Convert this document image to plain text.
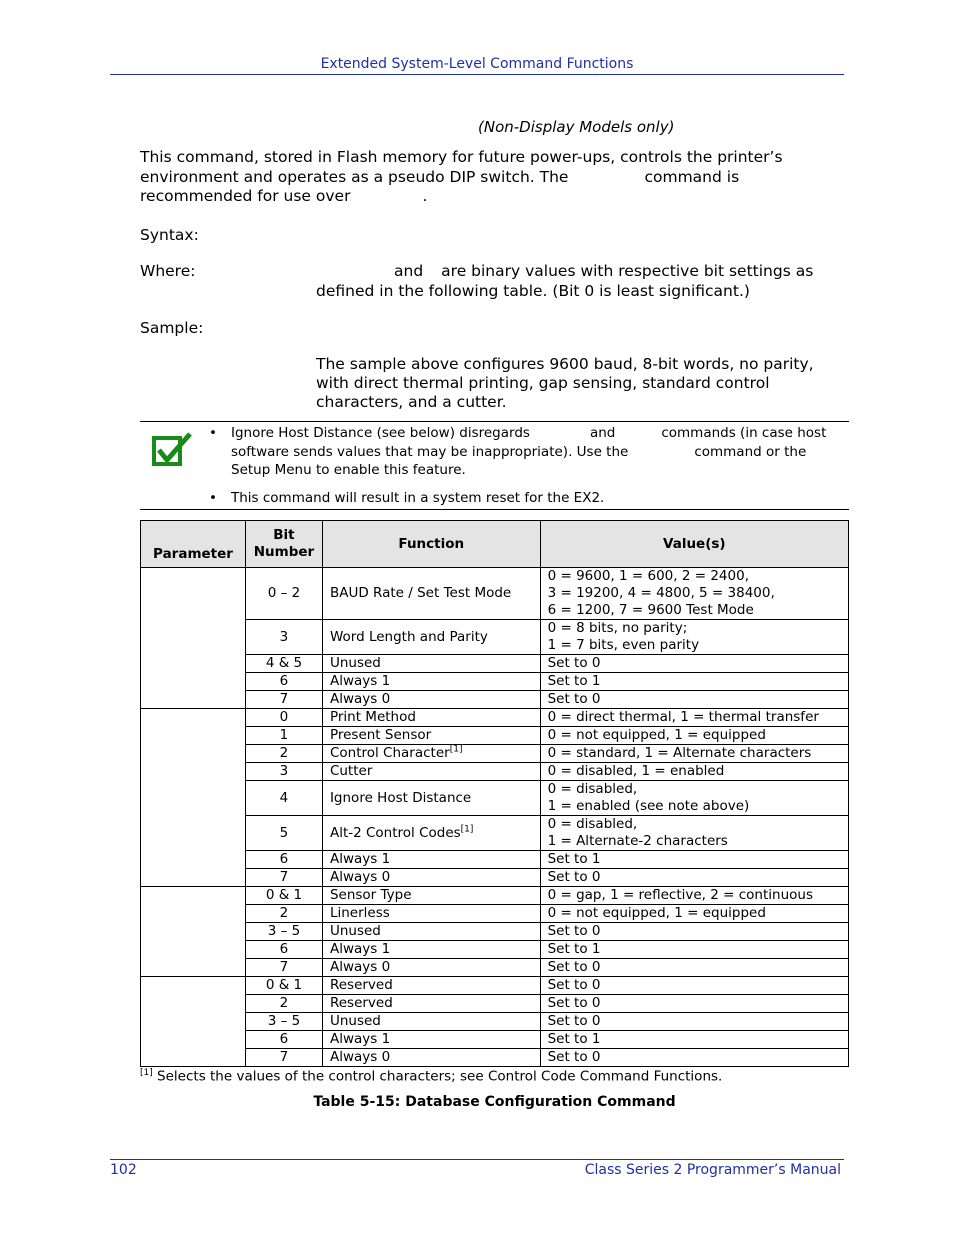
Extended System-Level Command Functions
(Non-Display Models only)
This command, stored in Flash memory for future power-ups, controls the printer’s environment and operates as a pseudo DIP switch. The	command is recommended for use over	.
Syntax:
Where:	and are binary values with respective bit settings as defined in the following table. (Bit 0 is least significant.)
Sample:
The sample above configures 9600 baud, 8-bit words, no parity, with direct thermal printing, gap sensing, standard control characters, and a cutter.
• Ignore Host Distance (see below) disregards	and	commands (in case host software sends values that may be inappropriate). Use the	command or the Setup Menu to enable this feature.
• This command will result in a system reset for the EX2.
Parameter	Bit Number	Function	Value(s)
	0 – 2	BAUD Rate / Set Test Mode	0 = 9600, 1 = 600, 2 = 2400,
3 = 19200, 4 = 4800, 5 = 38400,
6 = 1200, 7 = 9600 Test Mode
	3	Word Length and Parity	0 = 8 bits, no parity;
1 = 7 bits, even parity
	4 & 5	Unused	Set to 0
	6	Always 1	Set to 1
	7	Always 0	Set to 0
	0	Print Method	0 = direct thermal, 1 = thermal transfer
	1	Present Sensor	0 = not equipped, 1 = equipped
	2	Control Character[1]	0 = standard, 1 = Alternate characters
	3	Cutter	0 = disabled, 1 = enabled
	4	Ignore Host Distance	0 = disabled,
1 = enabled (see note above)
	5	Alt-2 Control Codes[1]	0 = disabled,
1 = Alternate-2 characters
	6	Always 1	Set to 1
	7	Always 0	Set to 0
	0 & 1	Sensor Type	0 = gap, 1 = reflective, 2 = continuous
	2	Linerless	0 = not equipped, 1 = equipped
	3 – 5	Unused	Set to 0
	6	Always 1	Set to 1
	7	Always 0	Set to 0
	0 & 1	Reserved	Set to 0
	2	Reserved	Set to 0
	3 – 5	Unused	Set to 0
	6	Always 1	Set to 1
	7	Always 0	Set to 0
[1] Selects the values of the control characters; see Control Code Command Functions.
Table 5-15: Database Configuration Command
102	Class Series 2 Programmer’s Manual
